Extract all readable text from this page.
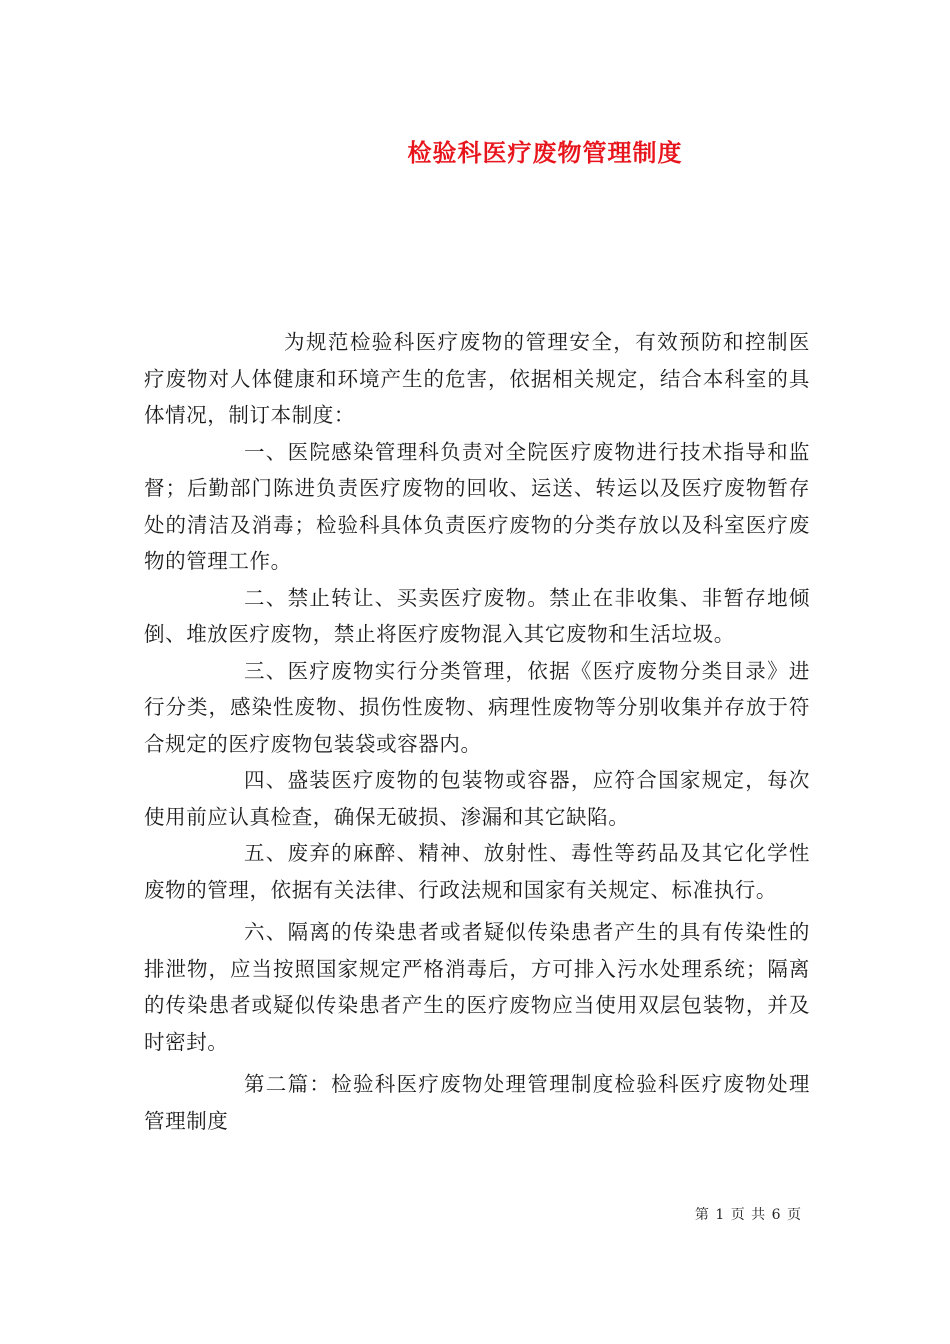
检验科医疗废物管理制度

为规范检验科医疗废物的管理安全，有效预防和控制医疗废物对人体健康和环境产生的危害，依据相关规定，结合本科室的具体情况，制订本制度：

一、医院感染管理科负责对全院医疗废物进行技术指导和监督；后勤部门陈进负责医疗废物的回收、运送、转运以及医疗废物暂存处的清洁及消毒；检验科具体负责医疗废物的分类存放以及科室医疗废物的管理工作。

二、禁止转让、买卖医疗废物。禁止在非收集、非暂存地倾倒、堆放医疗废物，禁止将医疗废物混入其它废物和生活垃圾。

三、医疗废物实行分类管理，依据《医疗废物分类目录》进行分类，感染性废物、损伤性废物、病理性废物等分别收集并存放于符合规定的医疗废物包装袋或容器内。

四、盛装医疗废物的包装物或容器，应符合国家规定，每次使用前应认真检查，确保无破损、渗漏和其它缺陷。

五、废弃的麻醉、精神、放射性、毒性等药品及其它化学性废物的管理，依据有关法律、行政法规和国家有关规定、标准执行。

六、隔离的传染患者或者疑似传染患者产生的具有传染性的排泄物，应当按照国家规定严格消毒后，方可排入污水处理系统；隔离的传染患者或疑似传染患者产生的医疗废物应当使用双层包装物，并及时密封。

第二篇：检验科医疗废物处理管理制度检验科医疗废物处理管理制度

第 1 页 共 6 页
